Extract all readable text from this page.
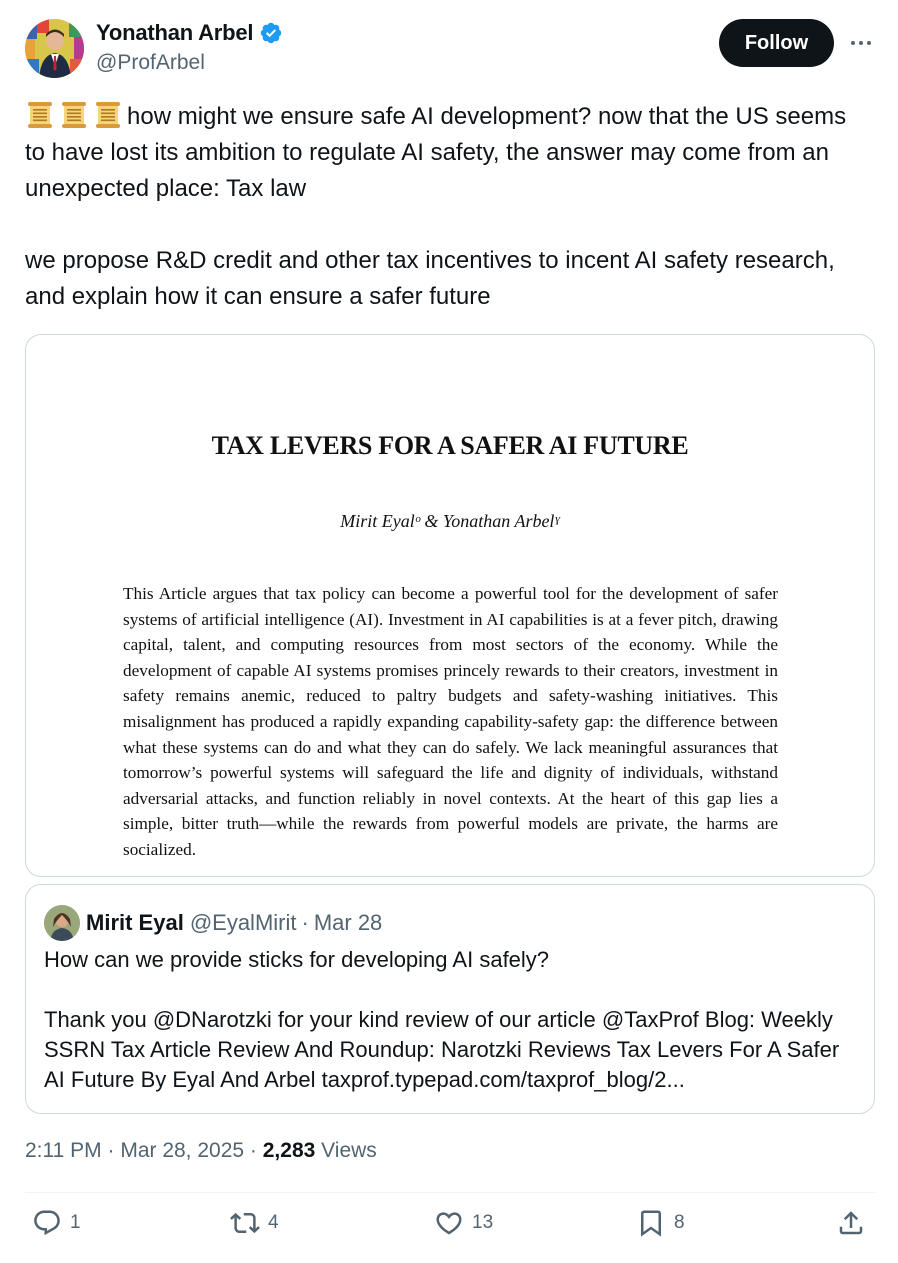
Yonathan Arbel
@ProfArbel
Follow

how might we ensure safe AI development? now that the US seems to have lost its ambition to regulate AI safety, the answer may come from an unexpected place: Tax law

we propose R&D credit and other tax incentives to incent AI safety research, and explain how it can ensure a safer future

TAX LEVERS FOR A SAFER AI FUTURE
Mirit Eyalᵒ & Yonathan Arbelˠ
This Article argues that tax policy can become a powerful tool for the development of safer systems of artificial intelligence (AI). Investment in AI capabilities is at a fever pitch, drawing capital, talent, and computing resources from most sectors of the economy. While the development of capable AI systems promises princely rewards to their creators, investment in safety remains anemic, reduced to paltry budgets and safety-washing initiatives. This misalignment has produced a rapidly expanding capability-safety gap: the difference between what these systems can do and what they can do safely. We lack meaningful assurances that tomorrow’s powerful systems will safeguard the life and dignity of individuals, withstand adversarial attacks, and function reliably in novel contexts. At the heart of this gap lies a simple, bitter truth—while the rewards from powerful models are private, the harms are socialized.
Mirit Eyal @EyalMirit · Mar 28

How can we provide sticks for developing AI safely?

Thank you @DNarotzki for your kind review of our article @TaxProf Blog: Weekly SSRN Tax Article Review And Roundup: Narotzki Reviews Tax Levers For A Safer AI Future By Eyal And Arbel taxprof.typepad.com/taxprof_blog/2...

2:11 PM · Mar 28, 2025 · 2,283 Views
1	4	13	8
